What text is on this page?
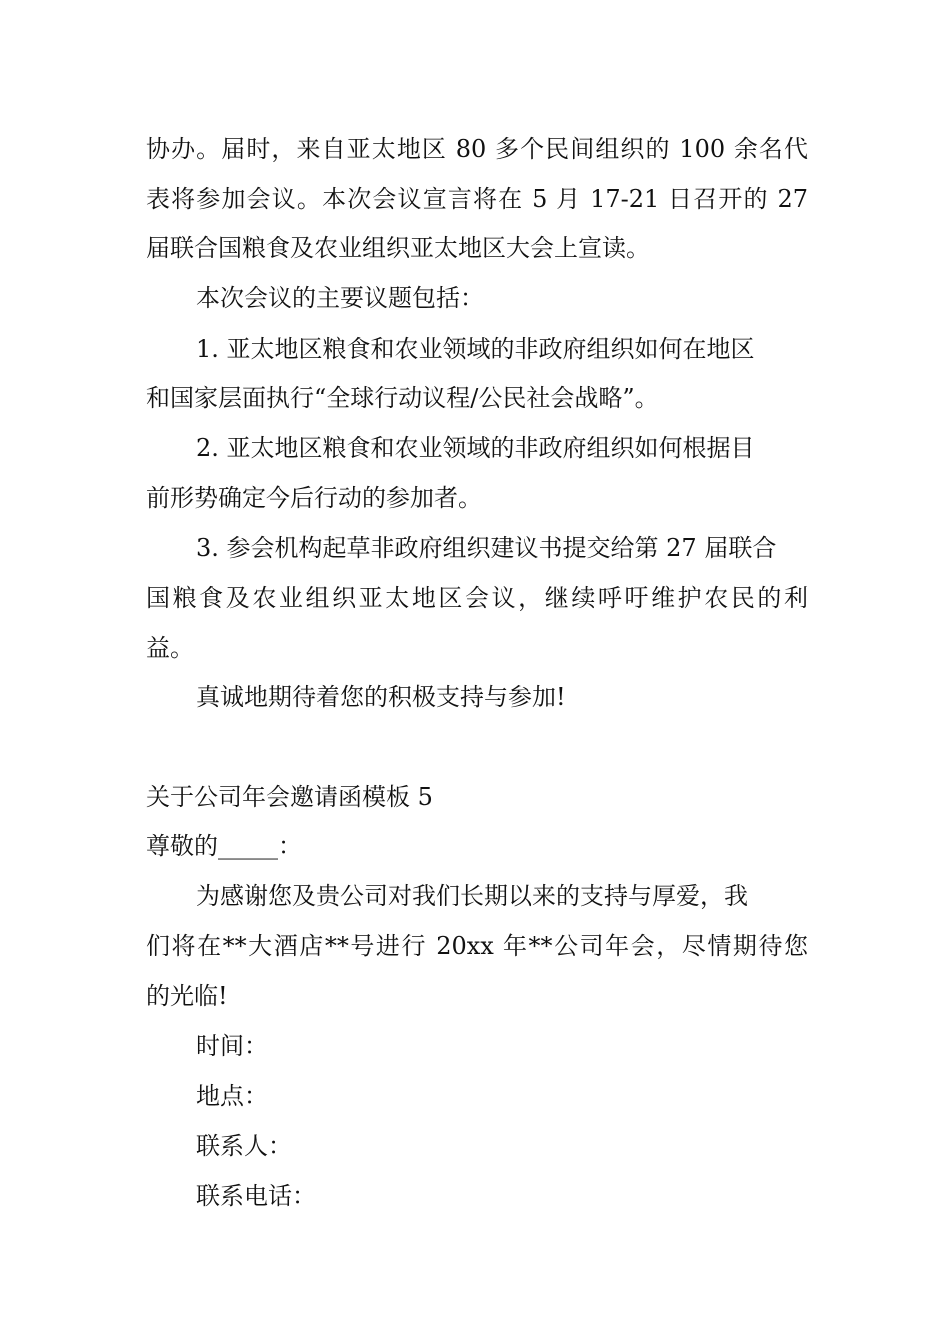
协办。届时，来自亚太地区 80 多个民间组织的 100 余名代
表将参加会议。本次会议宣言将在 5 月 17-21 日召开的 27
届联合国粮食及农业组织亚太地区大会上宣读。
本次会议的主要议题包括：
1. 亚太地区粮食和农业领域的非政府组织如何在地区
和国家层面执行“全球行动议程/公民社会战略”。
2. 亚太地区粮食和农业领域的非政府组织如何根据目
前形势确定今后行动的参加者。
3. 参会机构起草非政府组织建议书提交给第 27 届联合
国粮食及农业组织亚太地区会议，继续呼吁维护农民的利
益。
真诚地期待着您的积极支持与参加!
关于公司年会邀请函模板 5
尊敬的_____：
为感谢您及贵公司对我们长期以来的支持与厚爱，我
们将在**大酒店**号进行 20xx 年**公司年会，尽情期待您
的光临!
时间：
地点：
联系人：
联系电话：
